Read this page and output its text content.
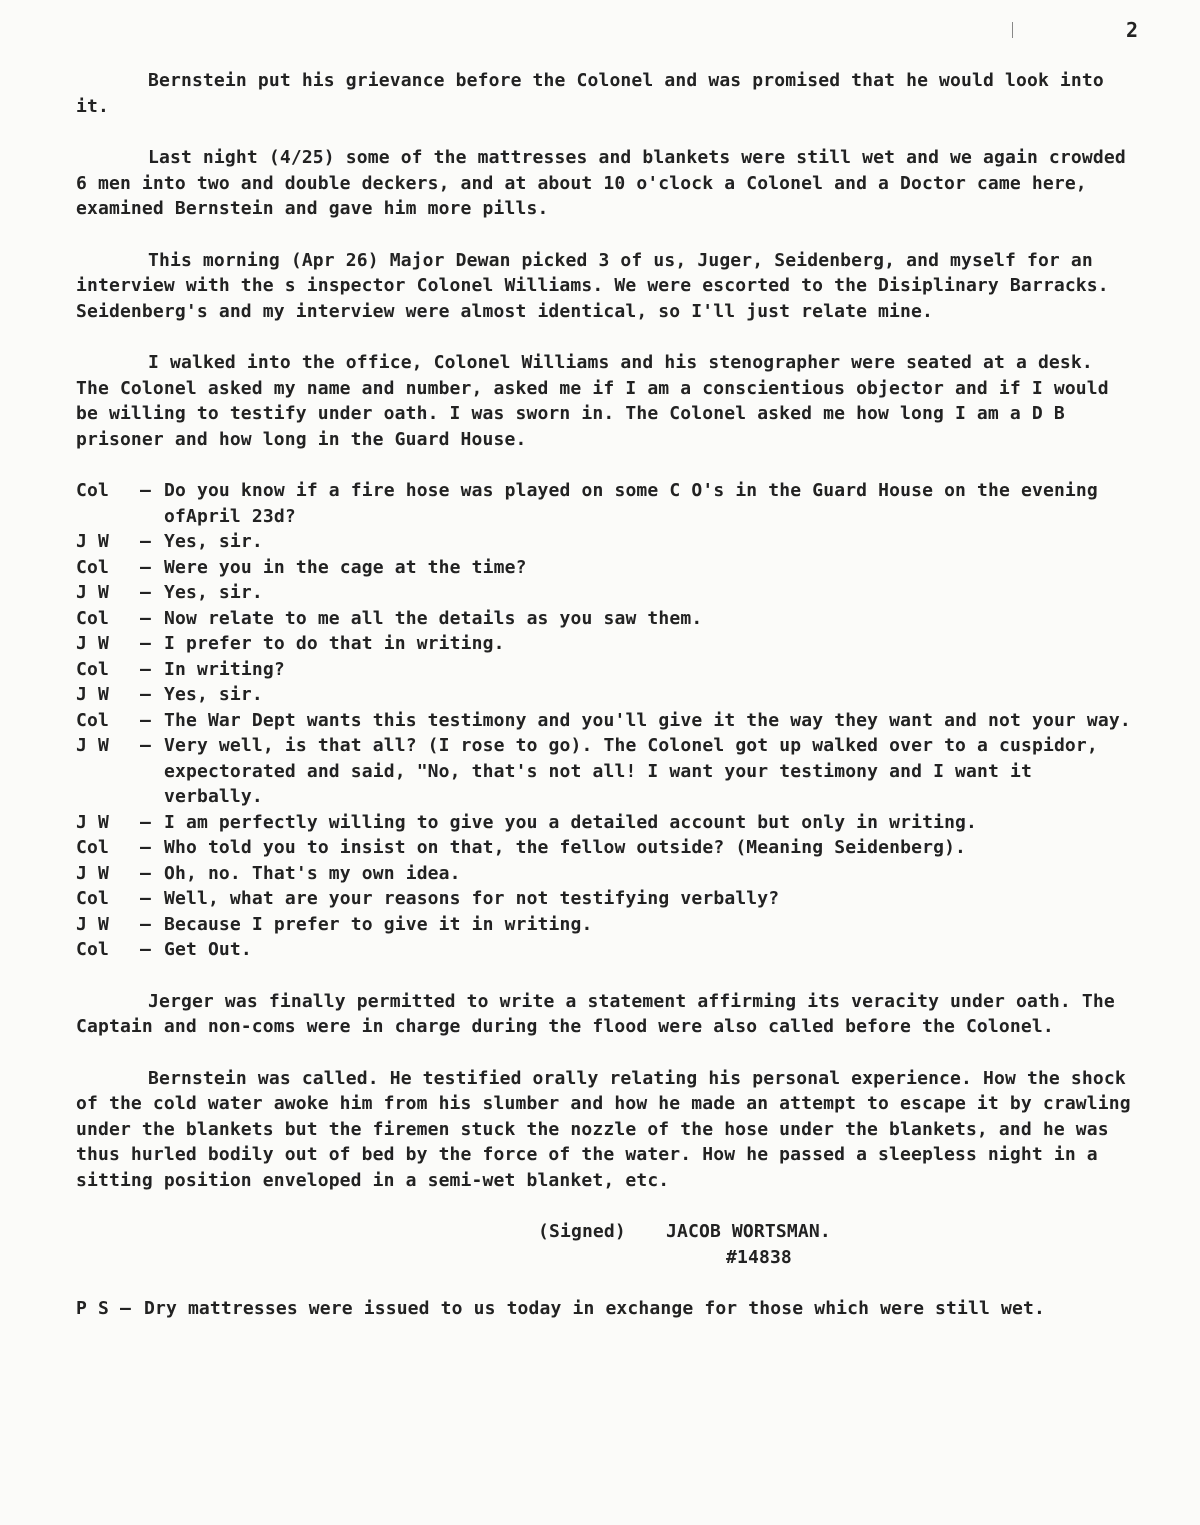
2

Bernstein put his grievance before the Colonel and was promised that he would look into it.

Last night (4/25) some of the mattresses and blankets were still wet and we again crowded 6 men into two and double deckers, and at about 10 o'clock a Colonel and a Doctor came here, examined Bernstein and gave him more pills.

This morning (Apr 26) Major Dewan picked 3 of us, Juger, Seidenberg, and myself for an interview with the s inspector Colonel Williams. We were escorted to the Disiplinary Barracks. Seidenberg's and my interview were almost identical, so I'll just relate mine.

I walked into the office, Colonel Williams and his stenographer were seated at a desk. The Colonel asked my name and number, asked me if I am a conscientious objector and if I would be willing to testify under oath. I was sworn in. The Colonel asked me how long I am a D B prisoner and how long in the Guard House.

Col	– Do you know if a fire hose was played on some C O's in the Guard House on the evening ofApril 23d?
J W	– Yes, sir.
Col	– Were you in the cage at the time?
J W	– Yes, sir.
Col	– Now relate to me all the details as you saw them.
J W	– I prefer to do that in writing.
Col	– In writing?
J W	– Yes, sir.
Col	– The War Dept wants this testimony and you'll give it the way they want and not your way.
J W	– Very well, is that all? (I rose to go). The Colonel got up walked over to a cuspidor, expectorated and said, "No, that's not all! I want your testimony and I want it verbally.
J W	– I am perfectly willing to give you a detailed account but only in writing.
Col	– Who told you to insist on that, the fellow outside? (Meaning Seidenberg).
J W	– Oh, no. That's my own idea.
Col	– Well, what are your reasons for not testifying verbally?
J W	– Because I prefer to give it in writing.
Col	– Get Out.

Jerger was finally permitted to write a statement affirming its veracity under oath. The Captain and non-coms were in charge during the flood were also called before the Colonel.

Bernstein was called. He testified orally relating his personal experience. How the shock of the cold water awoke him from his slumber and how he made an attempt to escape it by crawling under the blankets but the firemen stuck the nozzle of the hose under the blankets, and he was thus hurled bodily out of bed by the force of the water. How he passed a sleepless night in a sitting position enveloped in a semi-wet blanket, etc.

(Signed)	JACOB WORTSMAN.
#14838
P S – Dry mattresses were issued to us today in exchange for those which were still wet.
